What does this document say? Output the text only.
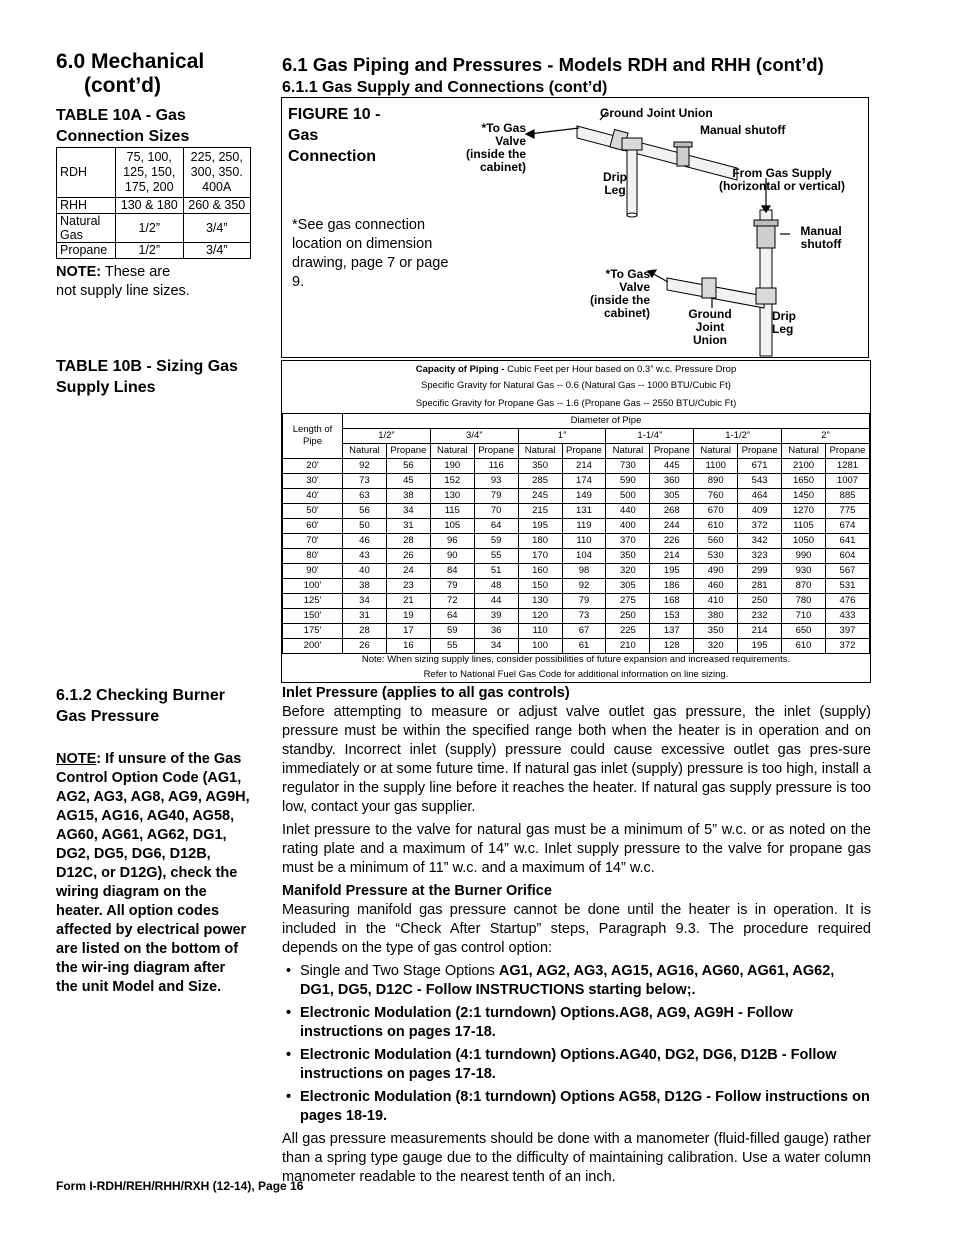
6.0 Mechanical
(cont’d)
6.1 Gas Piping and Pressures - Models RDH and RHH (cont’d)
6.1.1 Gas Supply and Connections (cont’d)
TABLE 10A - Gas
Connection Sizes
RDH	75, 100, 125, 150, 175, 200	225, 250, 300, 350. 400A
RHH	130 & 180	260 & 350
Natural Gas	1/2”	3/4”
Propane	1/2”	3/4”
NOTE: These are
not supply line sizes.
TABLE 10B - Sizing Gas
Supply Lines
FIGURE 10 -
Gas
Connection
*See gas connection location on dimension drawing, page 7 or page 9.
Ground Joint Union
*To Gas
Valve
(inside the
cabinet)
Manual shutoff
Drip
Leg
From Gas Supply
(horizontal or vertical)
Manual
shutoff
*To Gas
Valve
(inside the
cabinet)	Ground
Joint
Union
Drip
Leg
Capacity of Piping - Cubic Feet per Hour based on 0.3” w.c. Pressure Drop
Specific Gravity for Natural Gas -- 0.6 (Natural Gas -- 1000 BTU/Cubic Ft)
Specific Gravity for Propane Gas -- 1.6 (Propane Gas -- 2550 BTU/Cubic Ft)
Length of Pipe	Diameter of Pipe											
	1/2”		3/4”		1”		1-1/4”		1-1/2”		2”	
	Natural	Propane	Natural	Propane	Natural	Propane	Natural	Propane	Natural	Propane	Natural	Propane
20'	92	56	190	116	350	214	730	445	1100	671	2100	1281
30'	73	45	152	93	285	174	590	360	890	543	1650	1007
40'	63	38	130	79	245	149	500	305	760	464	1450	885
50'	56	34	115	70	215	131	440	268	670	409	1270	775
60'	50	31	105	64	195	119	400	244	610	372	1105	674
70'	46	28	96	59	180	110	370	226	560	342	1050	641
80'	43	26	90	55	170	104	350	214	530	323	990	604
90'	40	24	84	51	160	98	320	195	490	299	930	567
100'	38	23	79	48	150	92	305	186	460	281	870	531
125'	34	21	72	44	130	79	275	168	410	250	780	476
150'	31	19	64	39	120	73	250	153	380	232	710	433
175'	28	17	59	36	110	67	225	137	350	214	650	397
200'	26	16	55	34	100	61	210	128	320	195	610	372
Note: When sizing supply lines, consider possibilities of future expansion and increased requirements.
Refer to National Fuel Gas Code for additional information on line sizing.
6.1.2 Checking Burner
Gas Pressure
NOTE: If unsure of the Gas Control Option Code (AG1, AG2, AG3, AG8, AG9, AG9H, AG15, AG16, AG40, AG58, AG60, AG61, AG62, DG1, DG2, DG5, DG6, D12B, D12C, or D12G), check the wiring diagram on the heater. All option codes affected by electrical power are listed on the bottom of the wir-ing diagram after the unit Model and Size.
Inlet Pressure (applies to all gas controls)

Before attempting to measure or adjust valve outlet gas pressure, the inlet (supply) pressure must be within the specified range both when the heater is in operation and on standby. Incorrect inlet (supply) pressure could cause excessive outlet gas pres-sure immediately or at some future time. If natural gas inlet (supply) pressure is too high, install a regulator in the supply line before it reaches the heater. If natural gas supply pressure is too low, contact your gas supplier.

Inlet pressure to the valve for natural gas must be a minimum of 5” w.c. or as noted on the rating plate and a maximum of 14” w.c. Inlet supply pressure to the valve for propane gas must be a minimum of 11” w.c. and a maximum of 14” w.c.

Manifold Pressure at the Burner Orifice

Measuring manifold gas pressure cannot be done until the heater is in operation. It is included in the “Check After Startup” steps, Paragraph 9.3. The procedure required depends on the type of gas control option:

• Single and Two Stage Options AG1, AG2, AG3, AG15, AG16, AG60, AG61, AG62, DG1, DG5, D12C - Follow INSTRUCTIONS starting below;.
• Electronic Modulation (2:1 turndown) Options.AG8, AG9, AG9H - Follow instructions on pages 17-18.
• Electronic Modulation (4:1 turndown) Options.AG40, DG2, DG6, D12B - Follow instructions on pages 17-18.
• Electronic Modulation (8:1 turndown) Options AG58, D12G - Follow instructions on pages 18-19.

All gas pressure measurements should be done with a manometer (fluid-filled gauge) rather than a spring type gauge due to the difficulty of maintaining calibration. Use a water column manometer readable to the nearest tenth of an inch.

Form I-RDH/REH/RHH/RXH (12-14), Page 16
